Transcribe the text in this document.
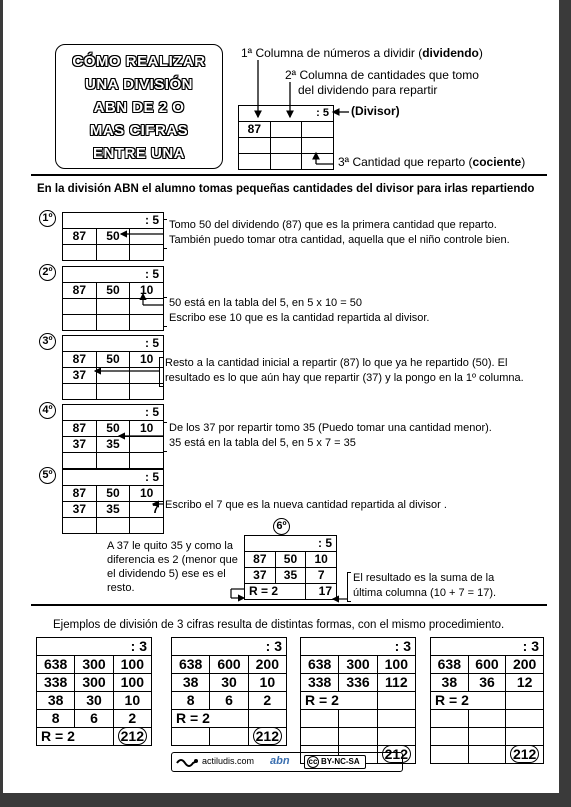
CÓMO REALIZAR
UNA DIVISIÓN
ABN DE 2 O
MAS CIFRAS
ENTRE UNA
1ª Columna de números a dividir (dividendo)
2ª Columna de cantidades que tomo
del dividendo para repartir
: 5		
87		

(Divisor)
3ª Cantidad que reparto (cociente)
En la división ABN el alumno tomas pequeñas cantidades del divisor para irlas repartiendo
1º	: 5		
87	50	

Tomo 50 del dividendo (87) que es la primera cantidad que reparto.
También puedo tomar otra cantidad, aquella que el niño controle bien.
2º	: 5		
87	50	10

50 está en la tabla del 5, en 5 x 10 = 50
Escribo ese 10 que es la cantidad repartida al divisor.
3º	: 5		
87	50	10
37		

Resto a la cantidad inicial a repartir (87) lo que ya he repartido (50). El
resultado es lo que aún hay que repartir (37) y la pongo en la 1º columna.
4º	: 5		
87	50	10
37	35	

De los 37 por repartir tomo 35 (Puedo tomar una cantidad menor).
35 está en la tabla del 5, en 5 x 7 = 35
5º	: 5		
87	50	10
37	35	7
		Escribo el 7 que es la nueva cantidad repartida al divisor .
6º
A 37 le quito 35 y como la
diferencia es 2 (menor que
el dividendo 5) ese es el
resto.
: 5		
87	50	10
37	35	7
R = 2		17
El resultado es la suma de la
última columna (10 + 7 = 17).
Ejemplos de división de 3 cifras resulta de distintas formas, con el mismo procedimiento.
: 3		
638	300	100
338	300	100
38	30	10
8	6	2
R = 2		212
: 3		
638	600	200
38	30	10
8	6	2
R = 2		
		212
: 3		
638	300	100
338	336	112
R = 2		

		212
: 3		
638	600	200
38	36	12
R = 2		

		212
actiludis.com abn cc BY-NC-SA
